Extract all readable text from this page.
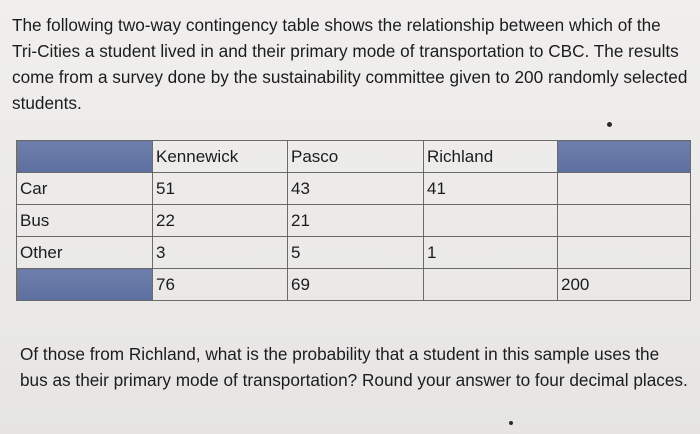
The following two-way contingency table shows the relationship between which of the Tri-Cities a student lived in and their primary mode of transportation to CBC. The results come from a survey done by the sustainability committee given to 200 randomly selected students.

	Kennewick	Pasco	Richland	
Car	51	43	41	
Bus	22	21		
Other	3	5	1	
	76	69		200

Of those from Richland, what is the probability that a student in this sample uses the bus as their primary mode of transportation? Round your answer to four decimal places.
